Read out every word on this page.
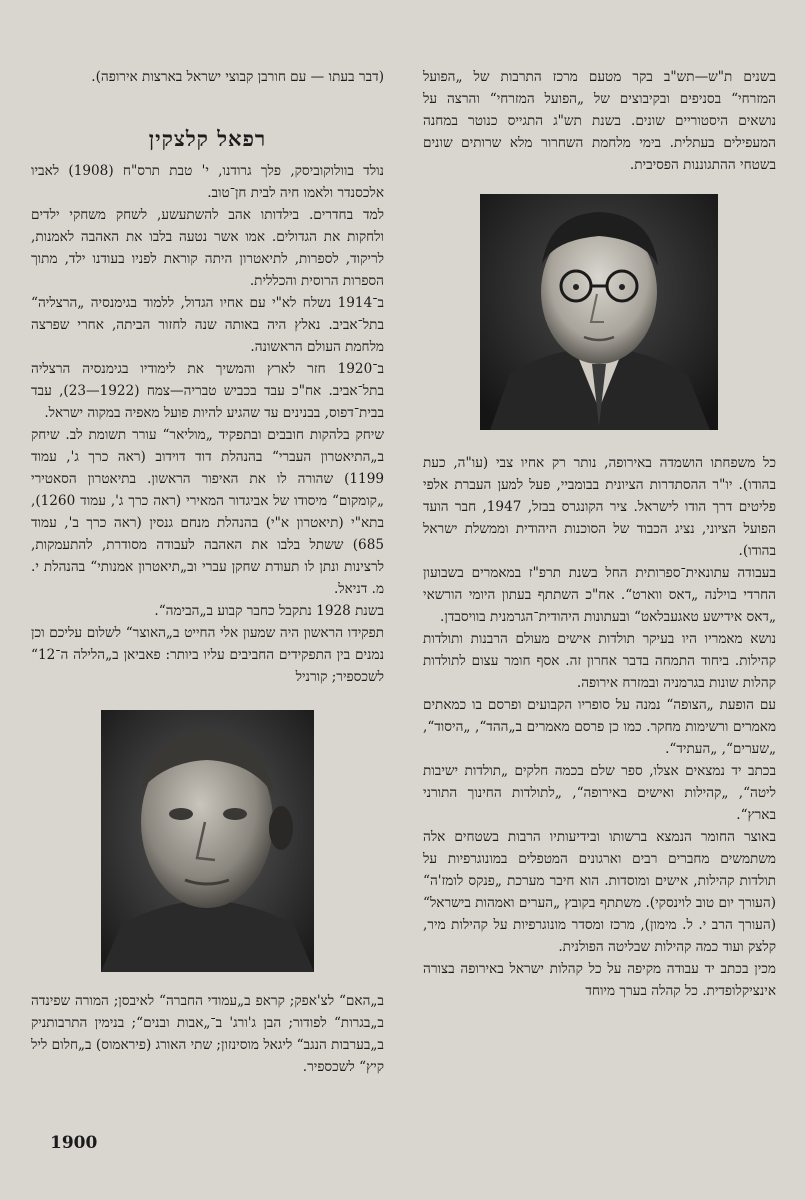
בשנים ת"ש—תש"ב בקר מטעם מרכז התרבות של „הפועל המזרחי“ בסניפים ובקיבוצים של „הפועל המזרחי“ והרצה על נושאים היסטוריים שונים. בשנת תש"ג התגייס כנוטר במחנה המעפילים בעתלית. בימי מלחמת השחרור מלא שרותים שונים בשטחי ההתגוננות הפסיבית.

כל משפחתו הושמדה באירופה, נותר רק אחיו צבי (עו"ה, כעת בהודו). יו"ר ההסתדרות הציונית בבומביי, פעל למען העברת אלפי פליטים דרך הודו לישראל. ציר הקונגרס בבזל, 1947, חבר הועד הפועל הציוני, נציג הכבוד של הסוכנות היהודית וממשלת ישראל בהודו).

בעבודה עתונאית־ספרותית החל בשנת תרפ"ז במאמרים בשבועון החרדי בוילנה „דאס ווארט“. אח"כ השתתף בעתון היומי הורשאי „דאס אידישע טאגעבלאט“ ובעתונות היהודית־הגרמנית בוויסבדן.

נושא מאמריו היו בעיקר תולדות אישים מעולם הרבנות ותולדות קהילות. ביחוד התמחה בדבר אחרון זה. אסף חומר עצום לתולדות קהלות שונות בגרמניה ובמזרח אירופה.

עם הופעת „הצופה“ נמנה על סופריו הקבועים ופרסם בו כמאתים מאמרים ורשימות מחקר. כמו כן פרסם מאמרים ב„ההד“, „היסוד“, „שערים“, „העתיד“.

בכתב יד נמצאים אצלו, ספר שלם בכמה חלקים „תולדות ישיבות ליטה“, „קהילות ואישים באירופה“, „לתולדות החינוך התורני בארץ“.

באוצר החומר הנמצא ברשותו ובידיעותיו הרבות בשטחים אלה משתמשים מחברים רבים וארגונים המטפלים במונוגרפיות על תולדות קהילות, אישים ומוסדות. הוא חיבר מערכת „פנקס לומז'ה“ (העורך יום טוב לוינסקי). משתתף בקובץ „הערים ואמהות בישראל“ (העורך הרב י. ל. מימון), מרכז ומסדר מונוגרפיות על קהילות מיר, קלצק ועוד כמה קהילות שבליטה הפולנית.

מכין בכתב יד עבודה מקיפה על כל קהלות ישראל באירופה בצורה אינציקלופדית. כל קהלה בערך מיוחד

(דבר בעתו — עם חורבן קבוצי ישראל בארצות אירופה).

רפאל קלצקין

נולד בוולוקוביסק, פלך גרודנו, י' טבת תרס"ח (1908) לאביו אלכסנדר ולאמו חיה לבית חן־טוב.

למד בחדרים. בילדותו אהב להשתעשע, לשחק משחקי ילדים ולחקות את הגדולים. אמו אשר נטעה בלבו את האהבה לאמנות, לריקוד, לספרות, לתיאטרון היתה קוראת לפניו בעודנו ילד, מתוך הספרות הרוסית והכללית.

ב־1914 נשלח לא"י עם אחיו הגדול, ללמוד בגימנסיה „הרצליה“ בתל־אביב. נאלץ היה באותה שנה לחזור הביתה, אחרי שפרצה מלחמת העולם הראשונה.

ב־1920 חזר לארץ והמשיך את לימודיו בגימנסיה הרצליה בתל־אביב. אח"כ עבד בכביש טבריה—צמח (1922—23), עבד בבית־דפוס, בבנינים עד שהגיע להיות פועל מאפיה במקוה ישראל.

שיחק בלהקות חובבים ובתפקיד „מוליאר“ עורר תשומת לב. שיחק ב„התיאטרון העברי“ בהנהלת דוד דוידוב (ראה כרך ג', עמוד 1199) שהורה לו את האיפור הראשון. בתיאטרון הסאטירי „קומקום“ מיסודו של אביגדור המאירי (ראה כרך ג', עמוד 1260), בתא"י (תיאטרון א"י) בהנהלת מנחם גנסין (ראה כרך ב', עמוד 685) ששתל בלבו את האהבה לעבודה מסודרת, להתעמקות, לרצינות ונתן לו תעודת שחקן עברי וב„תיאטרון אמנותי“ בהנהלת י. מ. דניאל.

בשנת 1928 נתקבל כחבר קבוע ב„הבימה“.

תפקידו הראשון היה שמעון אלי החייט ב„האוצר“ לשלום עליכם וכן נמנים בין התפקידים החביבים עליו ביותר: פאביאן ב„הלילה ה־12“ לשכספיר; קורניל

ב„האם“ לצ'אפק; קראפ ב„עמודי החברה“ לאיבסן; המורה שפינדה ב„בגרות“ לפודור; הבן ג'ורג' ב־„אבות ובנים“; בנימין התרבותניק ב„בערבות הנגב“ ליגאל מוסינזון; שתי האורג (פיראמוס) ב„חלום ליל קיץ“ לשכספיר.

1900
